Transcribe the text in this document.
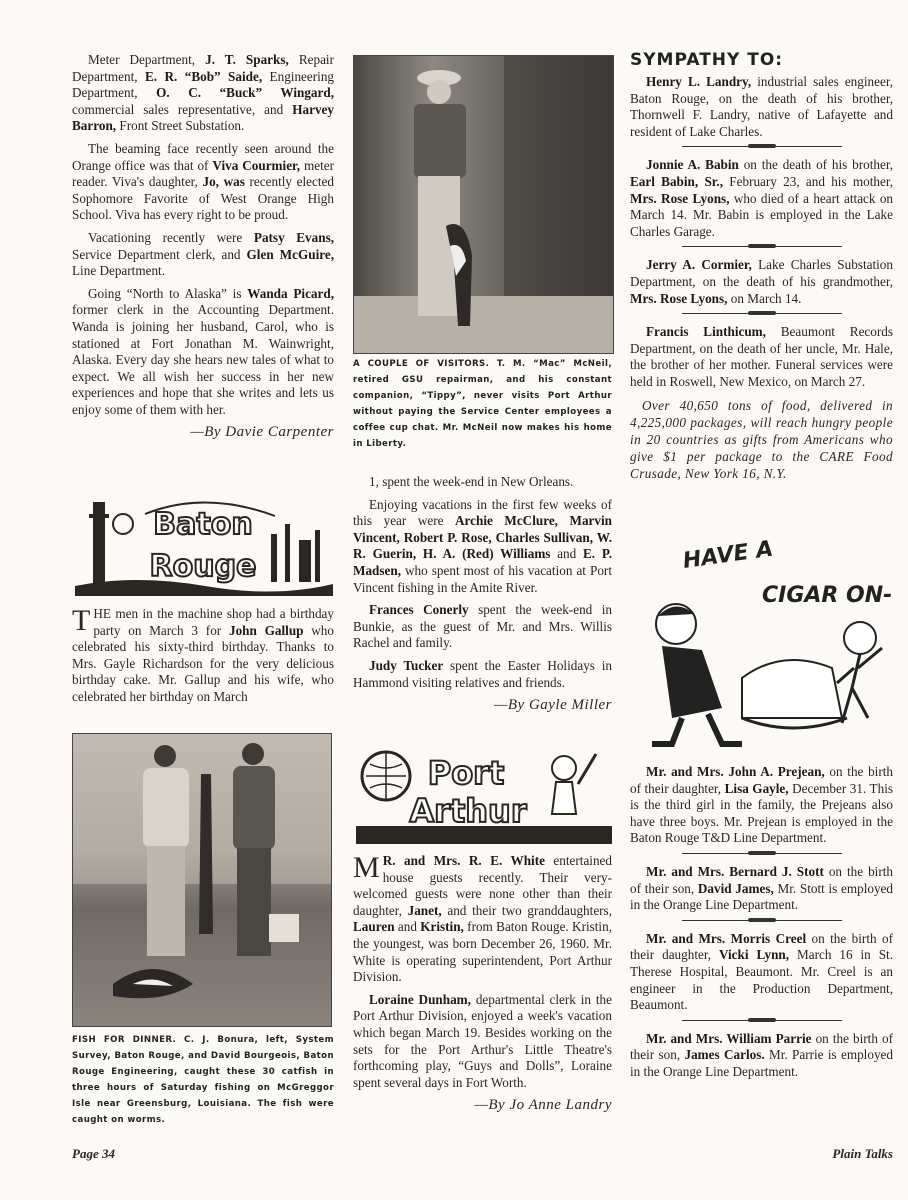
Meter Department, J. T. Sparks, Repair Department, E. R. “Bob” Saide, Engineering Department, O. C. “Buck” Wingard, commercial sales representative, and Harvey Barron, Front Street Substation.

The beaming face recently seen around the Orange office was that of Viva Courmier, meter reader. Viva's daughter, Jo, was recently elected Sophomore Favorite of West Orange High School. Viva has every right to be proud.

Vacationing recently were Patsy Evans, Service Department clerk, and Glen McGuire, Line Department.

Going “North to Alaska” is Wanda Picard, former clerk in the Accounting Department. Wanda is joining her husband, Carol, who is stationed at Fort Jonathan M. Wainwright, Alaska. Every day she hears new tales of what to expect. We all wish her success in her new experiences and hope that she writes and lets us enjoy some of them with her.

—By Davie Carpenter

Baton
Rouge
T HE men in the machine shop had a birthday party on March 3 for John Gallup who celebrated his sixty-third birthday. Thanks to Mrs. Gayle Richardson for the very delicious birthday cake. Mr. Gallup and his wife, who celebrated her birthday on March

FISH FOR DINNER. C. J. Bonura, left, System Survey, Baton Rouge, and David Bourgeois, Baton Rouge Engineering, caught these 30 catfish in three hours of Saturday fishing on McGreggor Isle near Greensburg, Louisiana. The fish were caught on worms.
Page 34
A COUPLE OF VISITORS. T. M. “Mac” McNeil, retired GSU repairman, and his constant companion, “Tippy”, never visits Port Arthur without paying the Service Center employees a coffee cup chat. Mr. McNeil now makes his home in Liberty.

1, spent the week-end in New Orleans.

Enjoying vacations in the first few weeks of this year were Archie McClure, Marvin Vincent, Robert P. Rose, Charles Sullivan, W. R. Guerin, H. A. (Red) Williams and E. P. Madsen, who spent most of his vacation at Port Vincent fishing in the Amite River.

Frances Conerly spent the week-end in Bunkie, as the guest of Mr. and Mrs. Willis Rachel and family.

Judy Tucker spent the Easter Holidays in Hammond visiting relatives and friends.

—By Gayle Miller

Port
Arthur
M R. and Mrs. R. E. White entertained house guests recently. Their very-welcomed guests were none other than their daughter, Janet, and their two granddaughters, Lauren and Kristin, from Baton Rouge. Kristin, the youngest, was born December 26, 1960. Mr. White is operating superintendent, Port Arthur Division.

Loraine Dunham, departmental clerk in the Port Arthur Division, enjoyed a week's vacation which began March 19. Besides working on the sets for the Port Arthur's Little Theatre's forthcoming play, “Guys and Dolls”, Loraine spent several days in Fort Worth.

—By Jo Anne Landry

SYMPATHY TO:

Henry L. Landry, industrial sales engineer, Baton Rouge, on the death of his brother, Thornwell F. Landry, native of Lafayette and resident of Lake Charles.

Jonnie A. Babin on the death of his brother, Earl Babin, Sr., February 23, and his mother, Mrs. Rose Lyons, who died of a heart attack on March 14. Mr. Babin is employed in the Lake Charles Garage.

Jerry A. Cormier, Lake Charles Substation Department, on the death of his grandmother, Mrs. Rose Lyons, on March 14.

Francis Linthicum, Beaumont Records Department, on the death of her uncle, Mr. Hale, the brother of her mother. Funeral services were held in Roswell, New Mexico, on March 27.

Over 40,650 tons of food, delivered in 4,225,000 packages, will reach hungry people in 20 countries as gifts from Americans who give $1 per package to the CARE Food Crusade, New York 16, N.Y.

HAVE A
CIGAR ON-

Mr. and Mrs. John A. Prejean, on the birth of their daughter, Lisa Gayle, December 31. This is the third girl in the family, the Prejeans also have three boys. Mr. Prejean is employed in the Baton Rouge T&D Line Department.

Mr. and Mrs. Bernard J. Stott on the birth of their son, David James, Mr. Stott is employed in the Orange Line Department.

Mr. and Mrs. Morris Creel on the birth of their daughter, Vicki Lynn, March 16 in St. Therese Hospital, Beaumont. Mr. Creel is an engineer in the Production Department, Beaumont.

Mr. and Mrs. William Parrie on the birth of their son, James Carlos. Mr. Parrie is employed in the Orange Line Department.

Plain Talks
